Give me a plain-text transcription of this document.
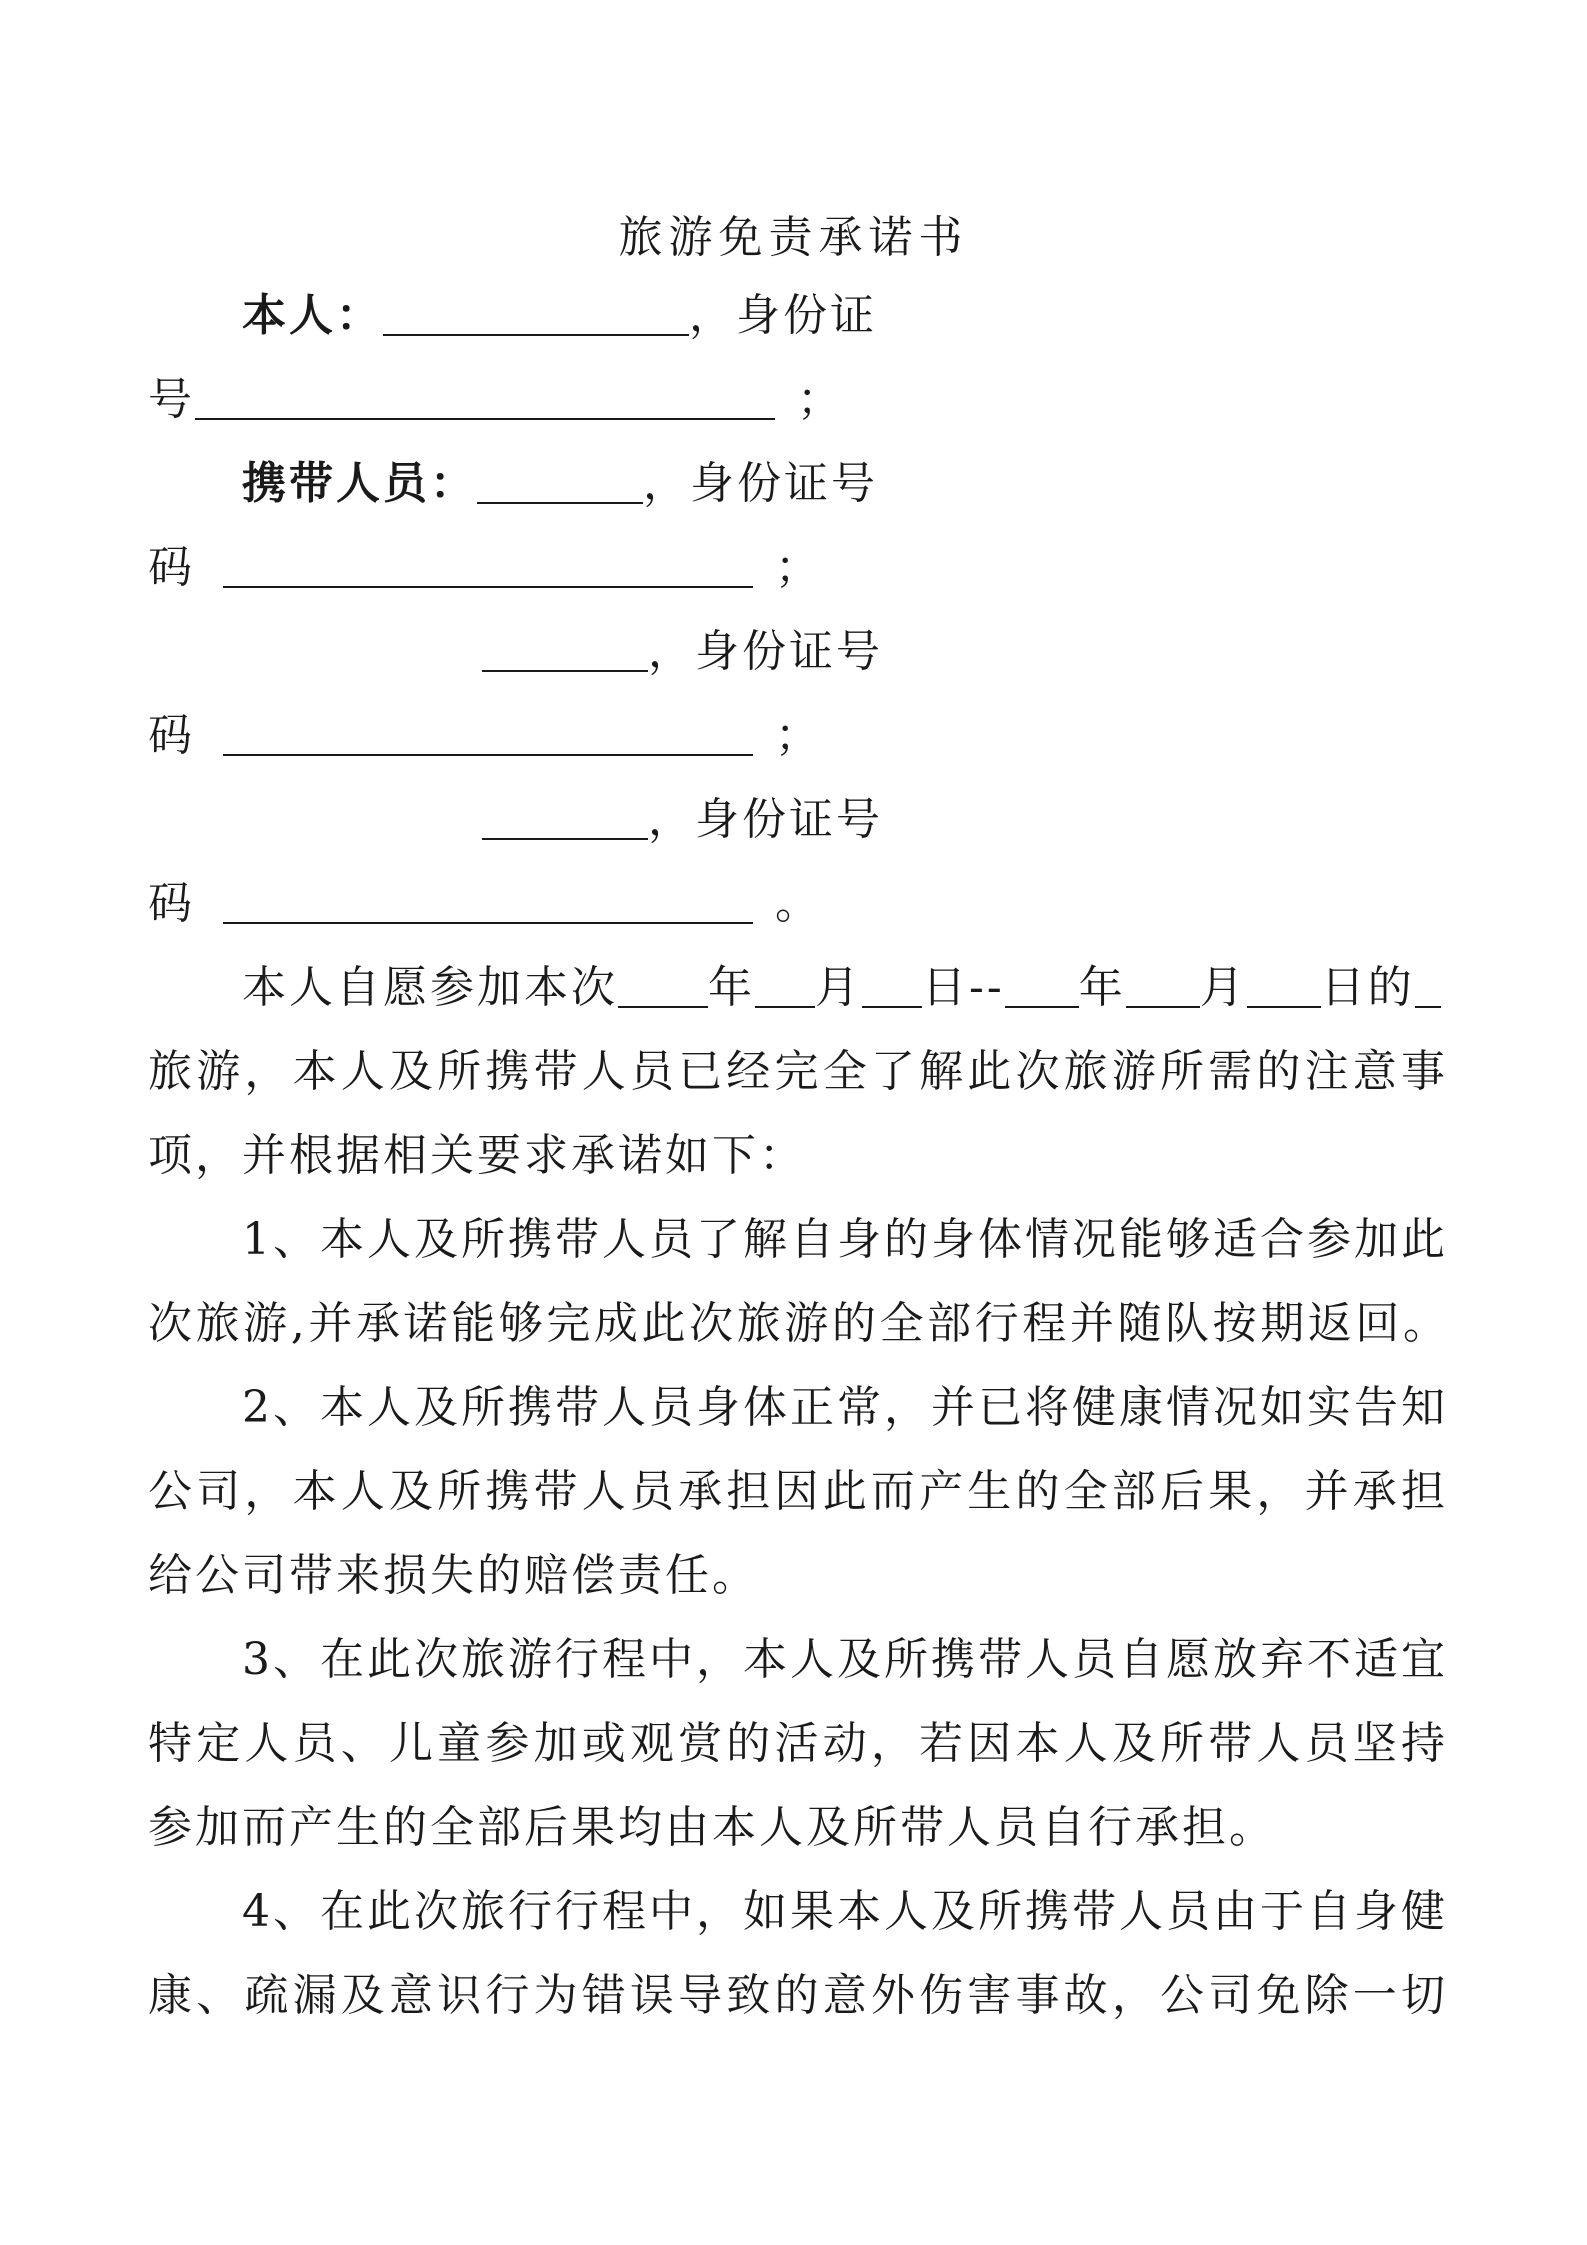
旅游免责承诺书
本人：	，身份证
号	；
携带人员：	，身份证号
码	；
，身份证号
码	；
，身份证号
码	。
本人自愿参加本次 年 月 日-- 年 月 日的
旅游，本人及所携带人员已经完全了解此次旅游所需的注意事
项，并根据相关要求承诺如下：
1、本人及所携带人员了解自身的身体情况能够适合参加此
次旅游,并承诺能够完成此次旅游的全部行程并随队按期返回。
2、本人及所携带人员身体正常，并已将健康情况如实告知
公司，本人及所携带人员承担因此而产生的全部后果，并承担
给公司带来损失的赔偿责任。
3、在此次旅游行程中，本人及所携带人员自愿放弃不适宜
特定人员、儿童参加或观赏的活动，若因本人及所带人员坚持
参加而产生的全部后果均由本人及所带人员自行承担。
4、在此次旅行行程中，如果本人及所携带人员由于自身健
康、疏漏及意识行为错误导致的意外伤害事故，公司免除一切
